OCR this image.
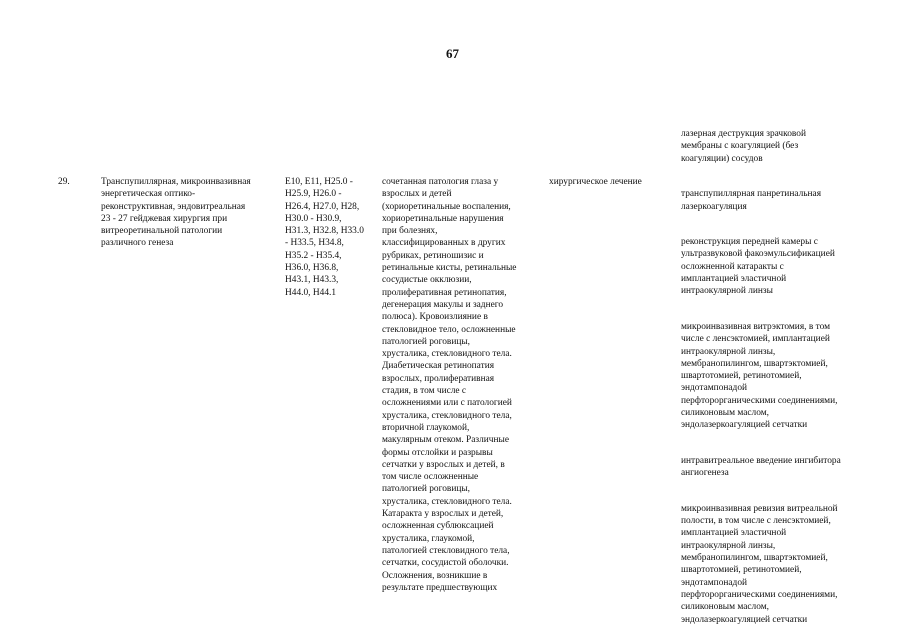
67
лазерная деструкция зрачковой
мембраны с коагуляцией (без
коагуляции) сосудов
29.	Транспупиллярная, микроинвазивная
энергетическая оптико-
реконструктивная, эндовитреальная
23 - 27 гейджевая хирургия при
витреоретинальной патологии
различного генеза
E10, E11, H25.0 -
H25.9, H26.0 -
H26.4, H27.0, H28,
H30.0 - H30.9,
H31.3, H32.8, H33.0
- H33.5, H34.8,
H35.2 - H35.4,
H36.0, H36.8,
H43.1, H43.3,
H44.0, H44.1
сочетанная патология глаза у
взрослых и детей
(хориоретинальные воспаления,
хориоретинальные нарушения
при болезнях,
классифицированных в других
рубриках, ретиношизис и
ретинальные кисты, ретинальные
сосудистые окклюзии,
пролиферативная ретинопатия,
дегенерация макулы и заднего
полюса). Кровоизлияние в
стекловидное тело, осложненные
патологией роговицы,
хрусталика, стекловидного тела.
Диабетическая ретинопатия
взрослых, пролиферативная
стадия, в том числе с
осложнениями или с патологией
хрусталика, стекловидного тела,
вторичной глаукомой,
макулярным отеком. Различные
формы отслойки и разрывы
сетчатки у взрослых и детей, в
том числе осложненные
патологией роговицы,
хрусталика, стекловидного тела.
Катаракта у взрослых и детей,
осложненная сублюксацией
хрусталика, глаукомой,
патологией стекловидного тела,
сетчатки, сосудистой оболочки.
Осложнения, возникшие в
результате предшествующих
хирургическое лечение

транспупиллярная панретинальная
лазеркоагуляция

реконструкция передней камеры с
ультразвуковой факоэмульсификацией
осложненной катаракты с
имплантацией эластичной
интраокулярной линзы

микроинвазивная витрэктомия, в том
числе с ленсэктомией, имплантацией
интраокулярной линзы,
мембранопилингом, швартэктомией,
швартотомией, ретинотомией,
эндотампонадой
перфторорганическими соединениями,
силиконовым маслом,
эндолазеркоагуляцией сетчатки

интравитреальное введение ингибитора
ангиогенеза

микроинвазивная ревизия витреальной
полости, в том числе с ленсэктомией,
имплантацией эластичной
интраокулярной линзы,
мембранопилингом, швартэктомией,
швартотомией, ретинотомией,
эндотампонадой
перфторорганическими соединениями,
силиконовым маслом,
эндолазеркоагуляцией сетчатки
